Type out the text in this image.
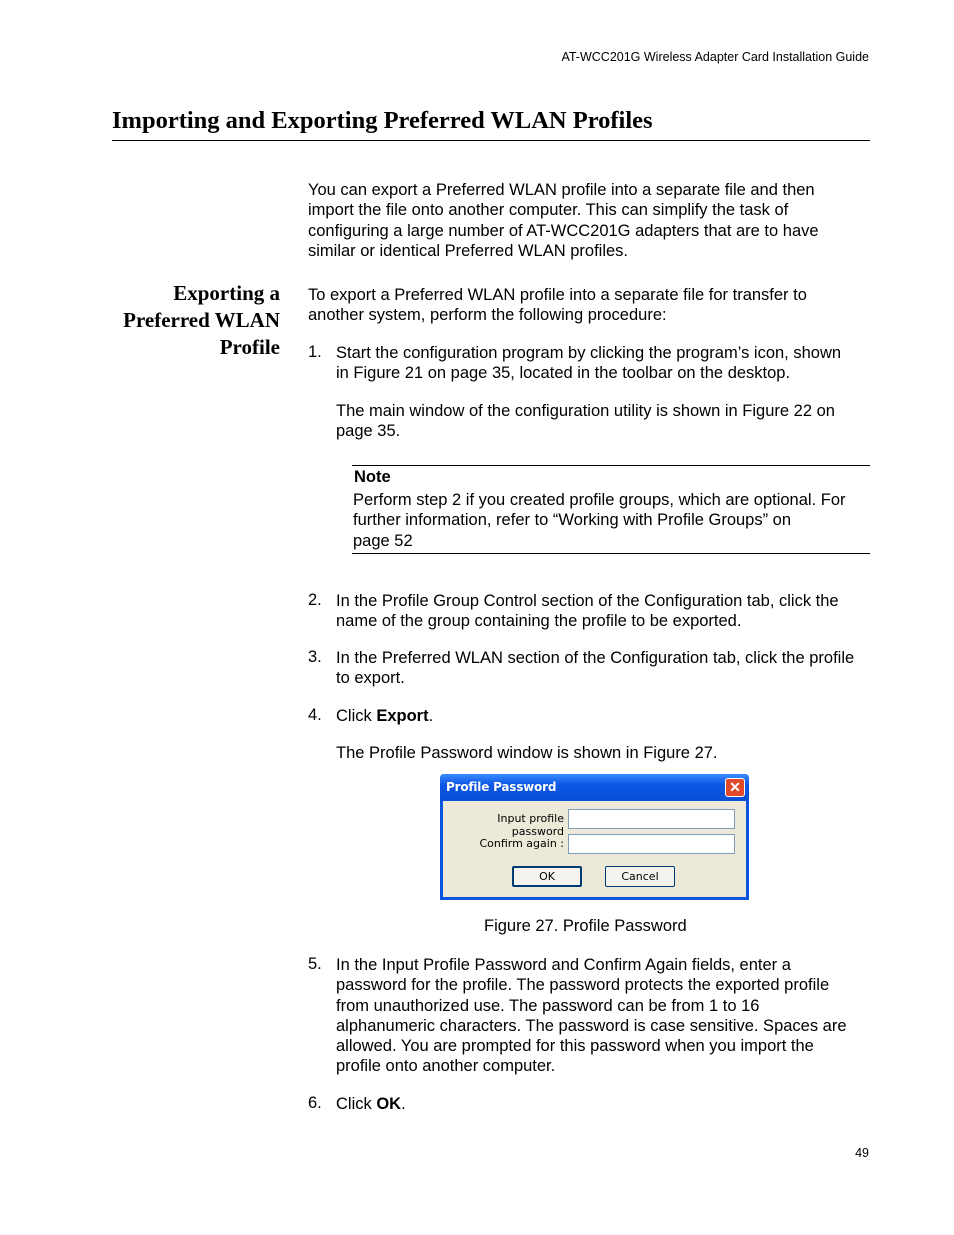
AT-WCC201G Wireless Adapter Card Installation Guide
Importing and Exporting Preferred WLAN Profiles
You can export a Preferred WLAN profile into a separate file and then
import the file onto another computer. This can simplify the task of
configuring a large number of AT-WCC201G adapters that are to have
similar or identical Preferred WLAN profiles.
Exporting a
Preferred WLAN
Profile
To export a Preferred WLAN profile into a separate file for transfer to
another system, perform the following procedure:
1. Start the configuration program by clicking the program’s icon, shown
in Figure 21 on page 35, located in the toolbar on the desktop.
The main window of the configuration utility is shown in Figure 22 on
page 35.
Note
Perform step 2 if you created profile groups, which are optional. For
further information, refer to “Working with Profile Groups” on
page 52
2. In the Profile Group Control section of the Configuration tab, click the
name of the group containing the profile to be exported.
3. In the Preferred WLAN section of the Configuration tab, click the profile
to export.
4. Click Export.
The Profile Password window is shown in Figure 27.
Profile Password	✕
Input profile password
Confirm again :
OK	Cancel
Figure 27. Profile Password
5. In the Input Profile Password and Confirm Again fields, enter a
password for the profile. The password protects the exported profile
from unauthorized use. The password can be from 1 to 16
alphanumeric characters. The password is case sensitive. Spaces are
allowed. You are prompted for this password when you import the
profile onto another computer.
6. Click OK.
49
